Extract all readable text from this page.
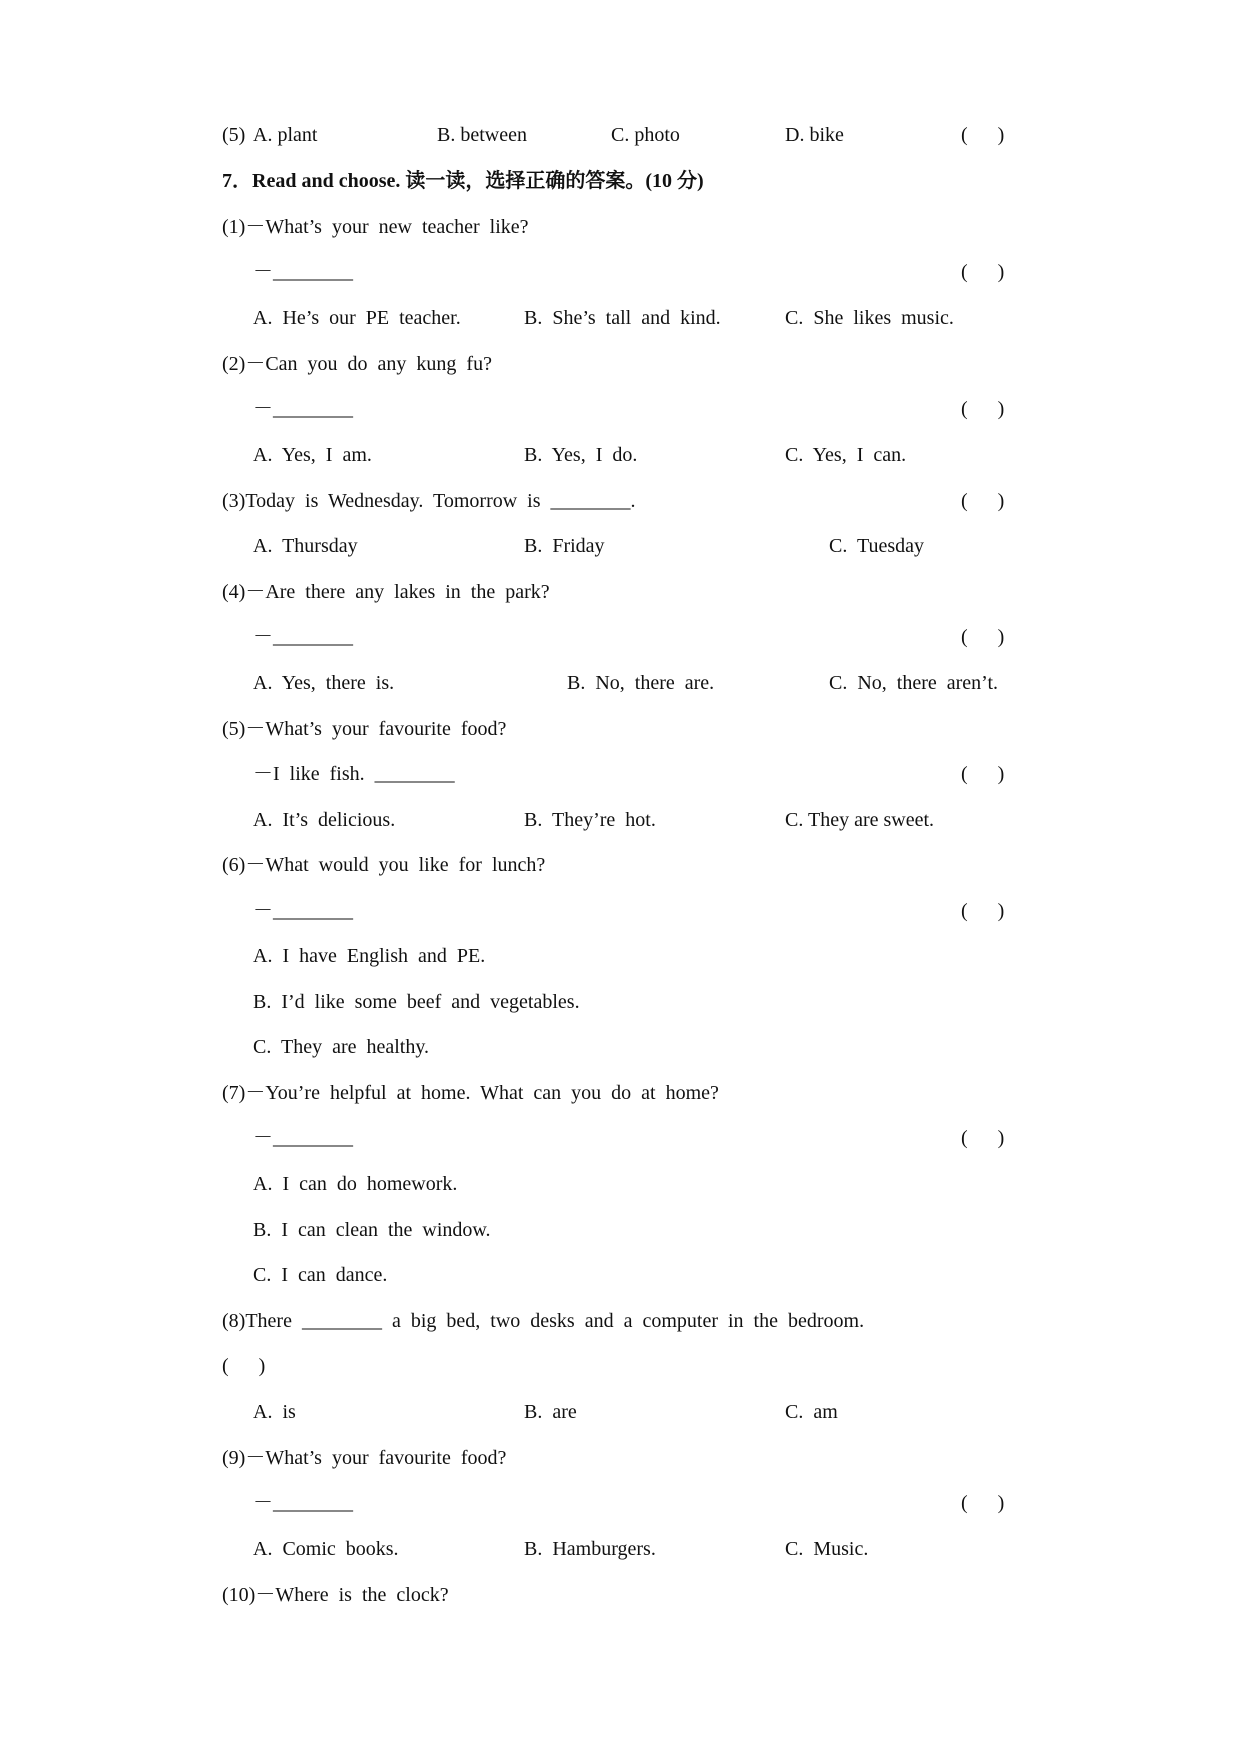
(5) A. plant	B. between	C. photo	D. bike	(      )
7．Read and choose. 读一读，选择正确的答案。(10 分)
(1)－What’s your new teacher like?
－________	(      )
A. He’s our PE teacher.	B. She’s tall and kind.	C. She likes music.
(2)－Can you do any kung fu?
－________	(      )
A. Yes, I am.	B. Yes, I do.	C. Yes, I can.
(3)Today is Wednesday. Tomorrow is ________.	(      )
A. Thursday	B. Friday	C. Tuesday
(4)－Are there any lakes in the park?
－________	(      )
A. Yes, there is.	B. No, there are.	C. No, there aren’t.
(5)－What’s your favourite food?
－I like fish. ________	(      )
A. It’s delicious.	B. They’re hot.	C. They are sweet.
(6)－What would you like for lunch?
－________	(      )
A. I have English and PE.
B. I’d like some beef and vegetables.
C. They are healthy.
(7)－You’re helpful at home. What can you do at home?
－________	(      )
A. I can do homework.
B. I can clean the window.
C. I can dance.
(8)There ________ a big bed, two desks and a computer in the bedroom.
(      )
A. is	B. are	C. am
(9)－What’s your favourite food?
－________	(      )
A. Comic books.	B. Hamburgers.	C. Music.
(10)－Where is the clock?
